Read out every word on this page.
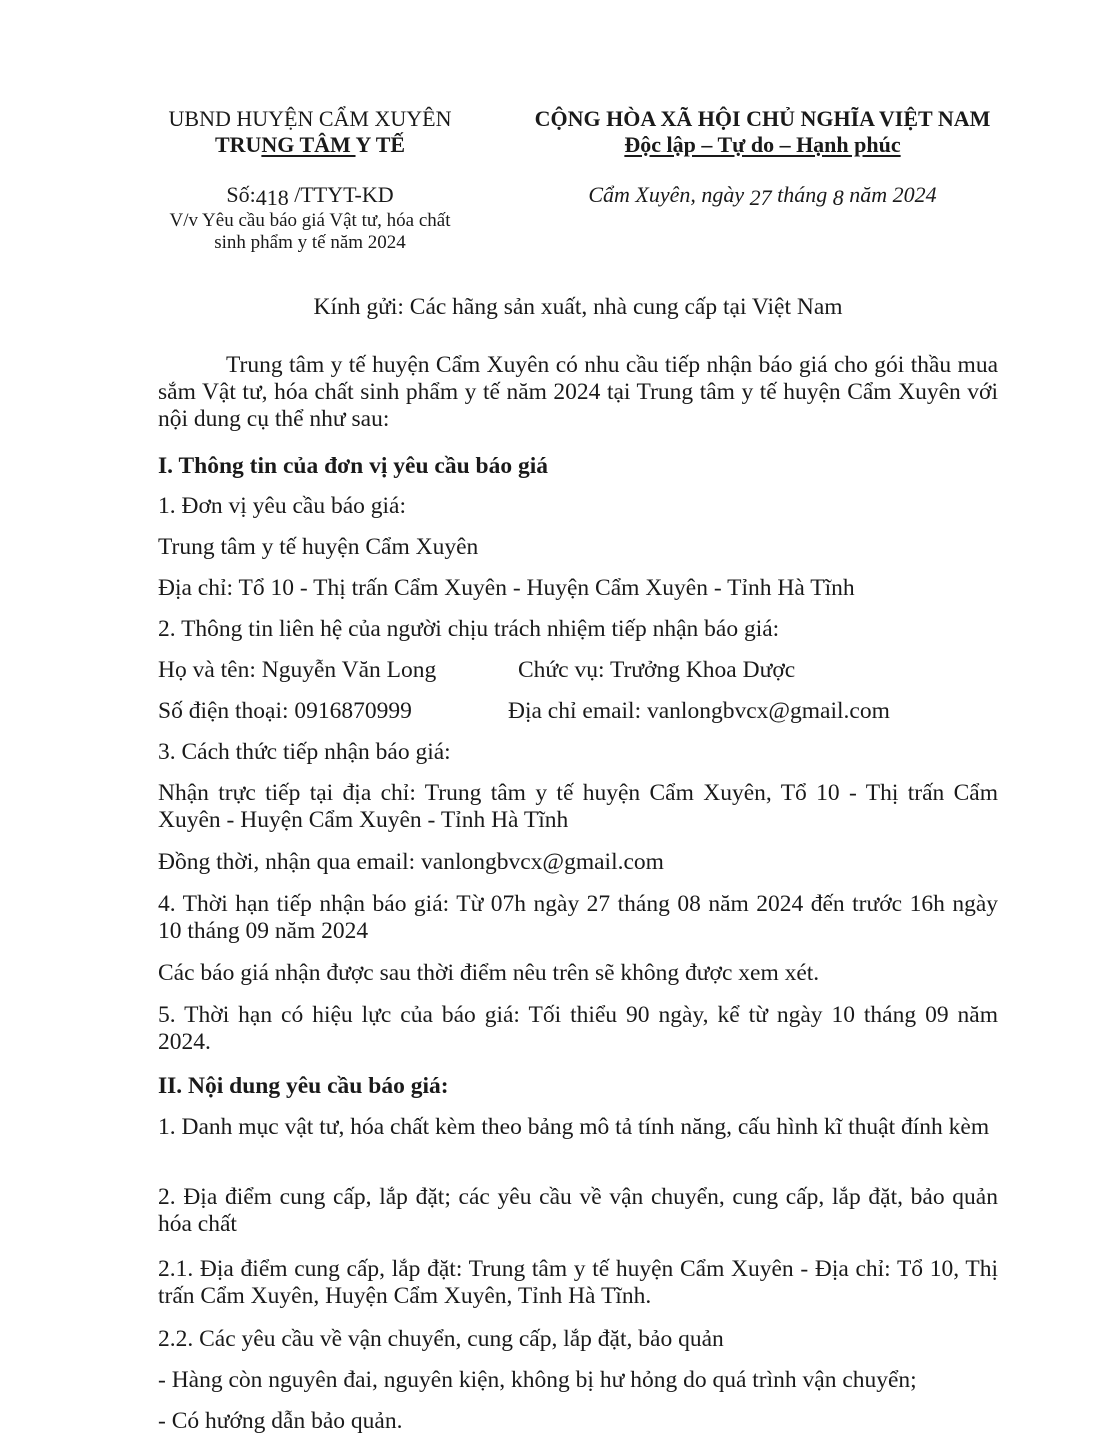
UBND HUYỆN CẨM XUYÊN
TRUNG TÂM Y TẾ
CỘNG HÒA XÃ HỘI CHỦ NGHĨA VIỆT NAM
Độc lập – Tự do – Hạnh phúc
Số:418 /TTYT-KD
V/v Yêu cầu báo giá Vật tư, hóa chất
sinh phẩm y tế năm 2024
Cẩm Xuyên, ngày 27 tháng 8 năm 2024
Kính gửi: Các hãng sản xuất, nhà cung cấp tại Việt Nam
Trung tâm y tế huyện Cẩm Xuyên có nhu cầu tiếp nhận báo giá cho gói thầu mua sắm Vật tư, hóa chất sinh phẩm y tế năm 2024 tại Trung tâm y tế huyện Cẩm Xuyên với nội dung cụ thể như sau:
I. Thông tin của đơn vị yêu cầu báo giá
1. Đơn vị yêu cầu báo giá:
Trung tâm y tế huyện Cẩm Xuyên
Địa chỉ: Tổ 10 - Thị trấn Cẩm Xuyên - Huyện Cẩm Xuyên - Tỉnh Hà Tĩnh
2. Thông tin liên hệ của người chịu trách nhiệm tiếp nhận báo giá:
Họ và tên: Nguyễn Văn Long	Chức vụ: Trưởng Khoa Dược
Số điện thoại: 0916870999	Địa chỉ email: vanlongbvcx@gmail.com
3. Cách thức tiếp nhận báo giá:
Nhận trực tiếp tại địa chỉ: Trung tâm y tế huyện Cẩm Xuyên, Tổ 10 - Thị trấn Cẩm Xuyên - Huyện Cẩm Xuyên - Tỉnh Hà Tĩnh
Đồng thời, nhận qua email: vanlongbvcx@gmail.com
4. Thời hạn tiếp nhận báo giá: Từ 07h ngày 27 tháng 08 năm 2024 đến trước 16h ngày 10 tháng 09 năm 2024
Các báo giá nhận được sau thời điểm nêu trên sẽ không được xem xét.
5. Thời hạn có hiệu lực của báo giá: Tối thiểu 90 ngày, kể từ ngày 10 tháng 09 năm 2024.
II. Nội dung yêu cầu báo giá:
1. Danh mục vật tư, hóa chất kèm theo bảng mô tả tính năng, cấu hình kĩ thuật đính kèm
2. Địa điểm cung cấp, lắp đặt; các yêu cầu về vận chuyển, cung cấp, lắp đặt, bảo quản hóa chất
2.1. Địa điểm cung cấp, lắp đặt: Trung tâm y tế huyện Cẩm Xuyên - Địa chỉ: Tổ 10, Thị trấn Cẩm Xuyên, Huyện Cẩm Xuyên, Tỉnh Hà Tĩnh.
2.2. Các yêu cầu về vận chuyển, cung cấp, lắp đặt, bảo quản
- Hàng còn nguyên đai, nguyên kiện, không bị hư hỏng do quá trình vận chuyển;
- Có hướng dẫn bảo quản.
